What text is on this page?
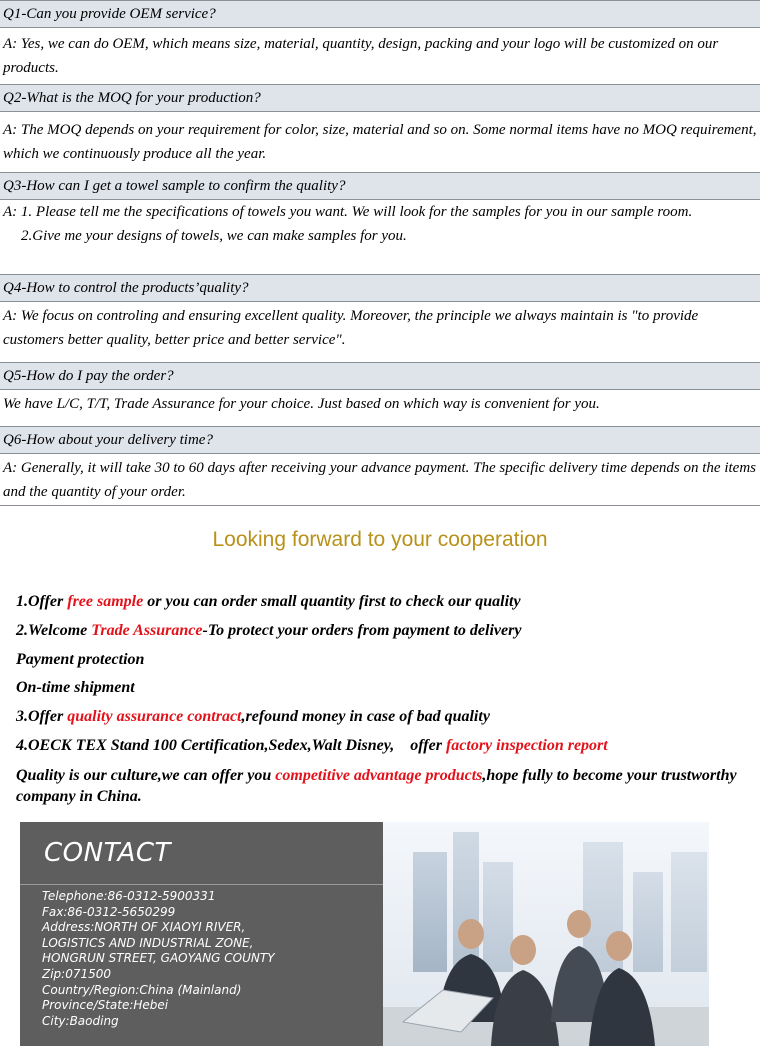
Q1-Can you provide OEM service?

A: Yes, we can do OEM, which means size, material, quantity, design, packing and your logo will be customized on our products.

Q2-What is the MOQ for your production?

A: The MOQ depends on your requirement for color, size, material and so on. Some normal items have no MOQ requirement, which we continuously produce all the year.

Q3-How can I get a towel sample to confirm the quality?

A: 1. Please tell me the specifications of towels you want. We will look for the samples for you in our sample room.

2.Give me your designs of towels, we can make samples for you.

Q4-How to control the products’quality?

A: We focus on controling and ensuring excellent quality. Moreover, the principle we always maintain is "to provide customers better quality, better price and better service".

Q5-How do I pay the order?

We have L/C, T/T, Trade Assurance for your choice. Just based on which way is convenient for you.

Q6-How about your delivery time?

A: Generally, it will take 30 to 60 days after receiving your advance payment. The specific delivery time depends on the items and the quantity of your order.

Looking forward to your cooperation
1.Offer free sample or you can order small quantity first to check our quality
2.Welcome Trade Assurance-To protect your orders from payment to delivery
Payment protection
On-time shipment
3.Offer quality assurance contract,refound money in case of bad quality
4.OECK TEX Stand 100 Certification,Sedex,Walt Disney,　offer factory inspection report
Quality is our culture,we can offer you competitive advantage products,hope fully to become your trustworthy company in China.
CONTACT
Telephone:86-0312-5900331
Fax:86-0312-5650299
Address:NORTH OF XIAOYI RIVER,
LOGISTICS AND INDUSTRIAL ZONE,
HONGRUN STREET, GAOYANG COUNTY
Zip:071500
Country/Region:China (Mainland)
Province/State:Hebei
City:Baoding
